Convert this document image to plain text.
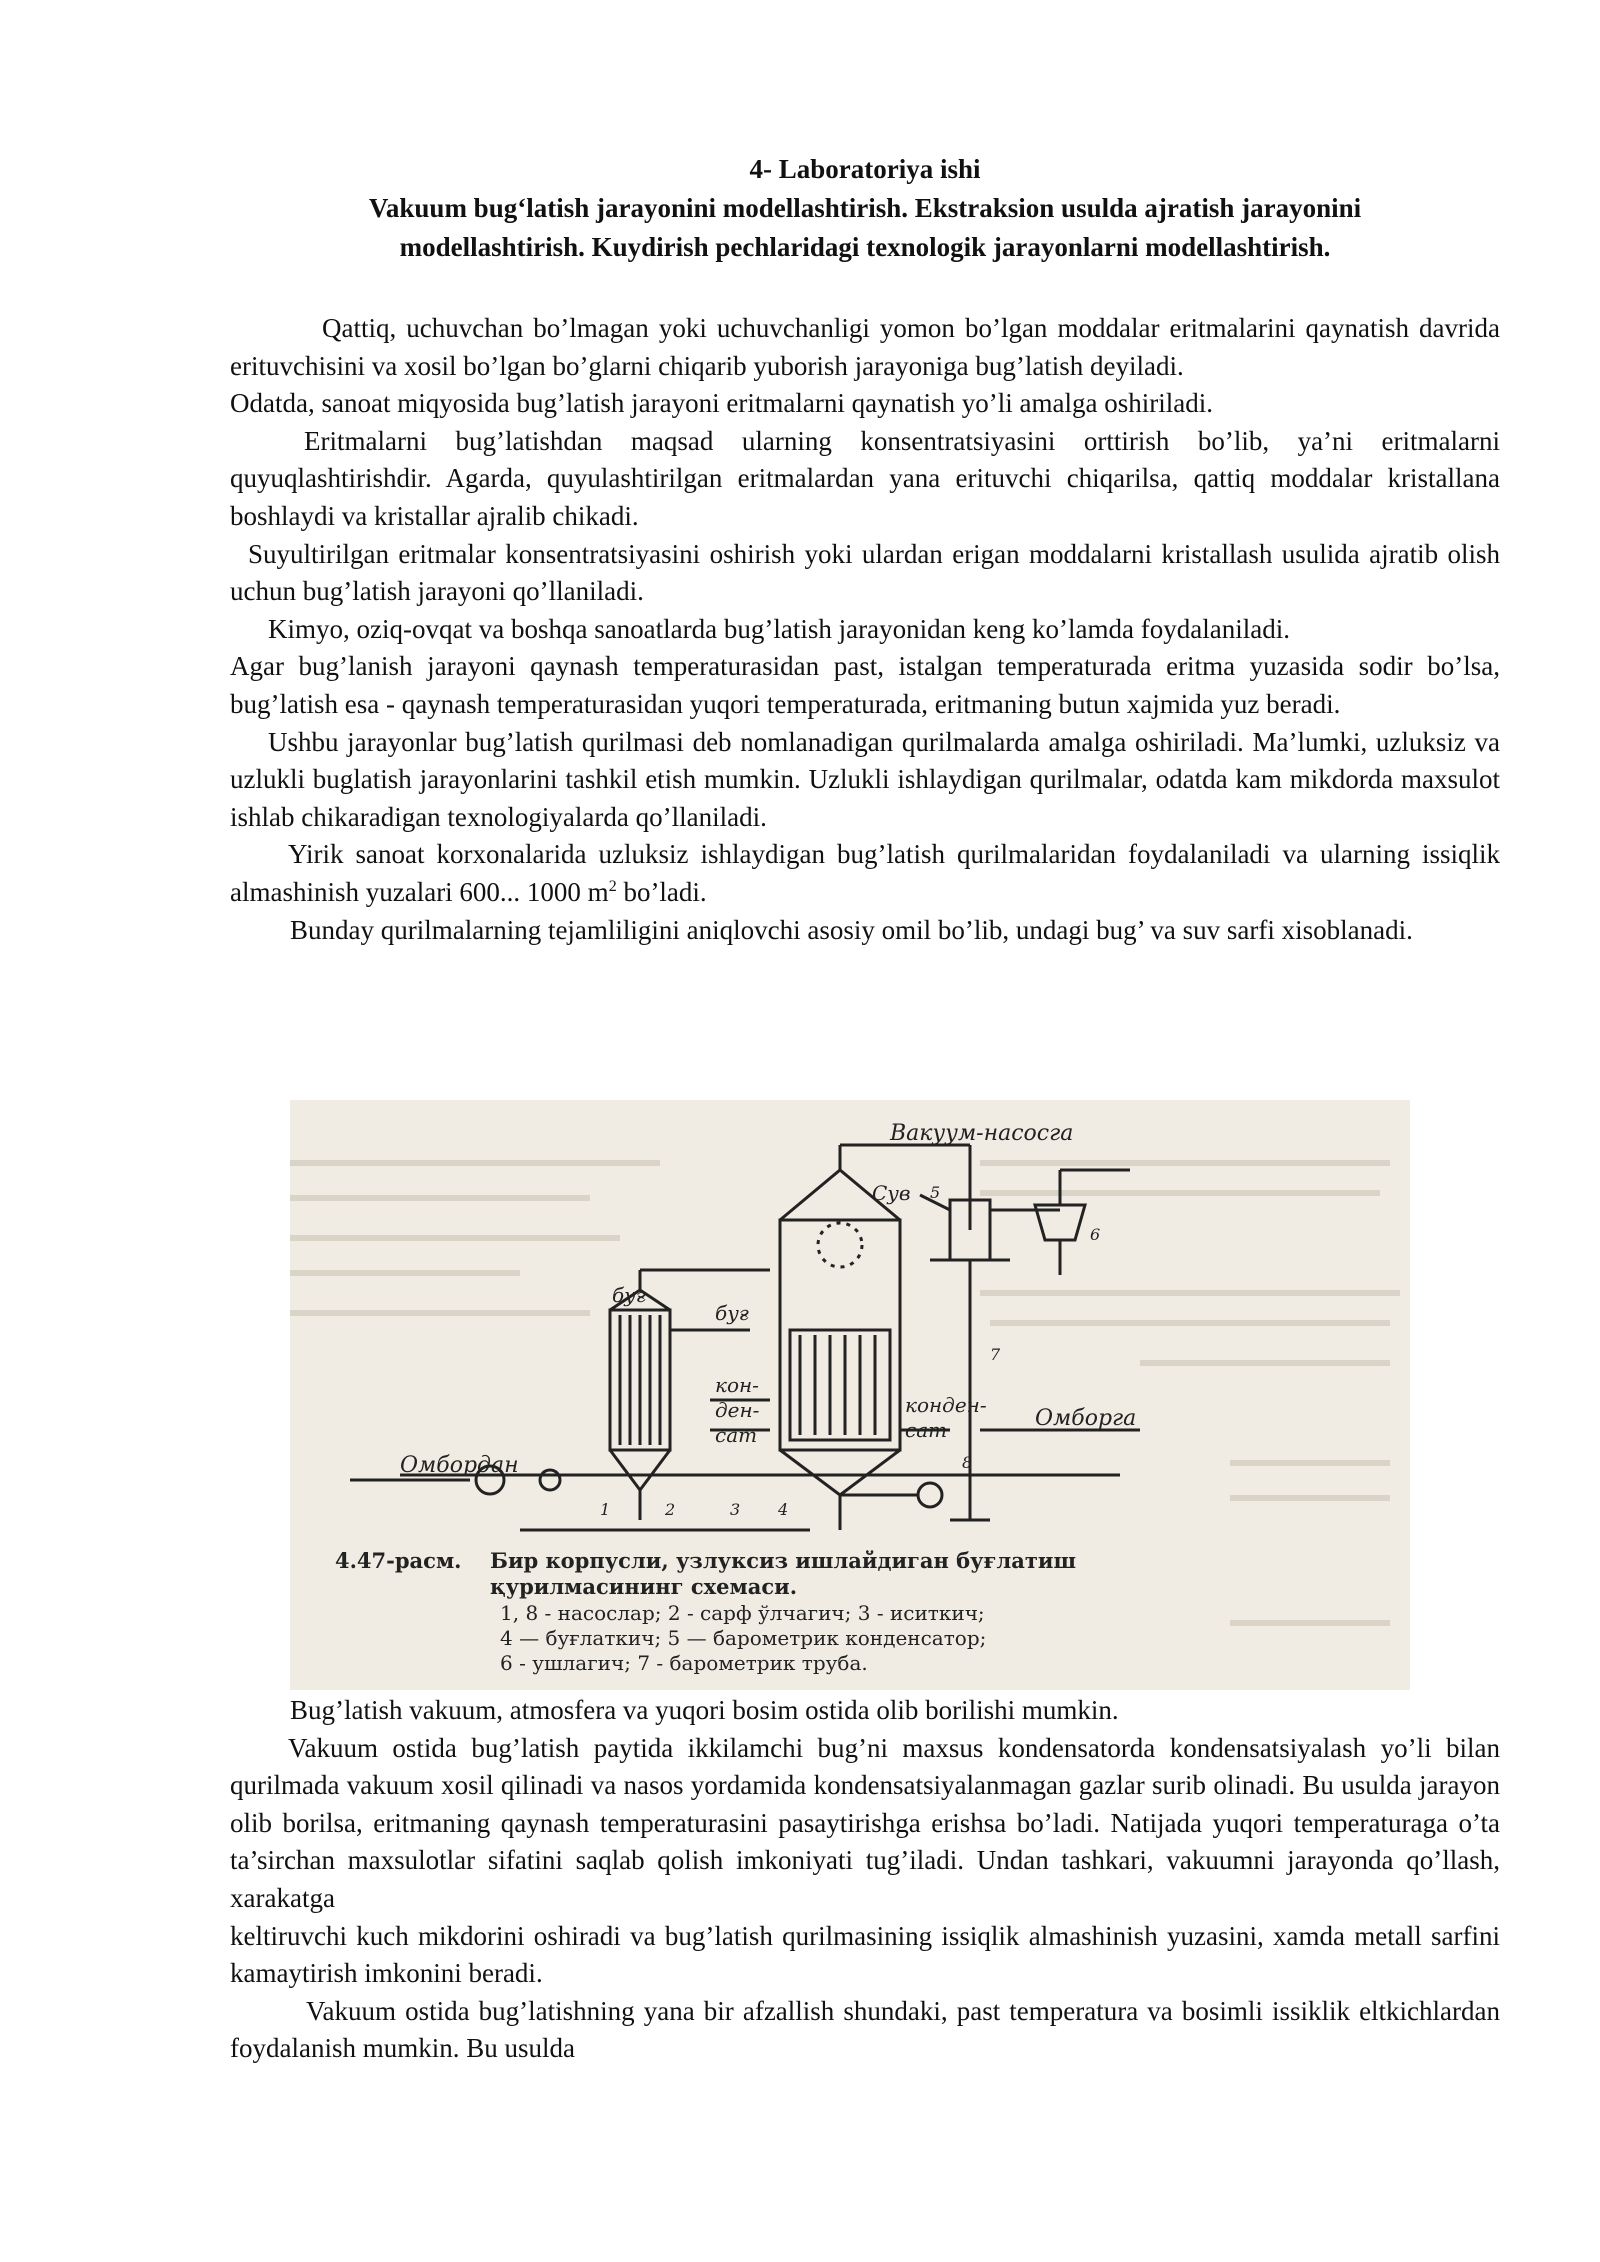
4- Laboratoriya ishi

Vakuum bug‘latish jarayonini modellashtirish. Ekstraksion usulda ajratish jarayonini

modellashtirish. Kuydirish pechlaridagi texnologik jarayonlarni modellashtirish.

Qattiq, uchuvchan bo’lmagan yoki uchuvchanligi yomon bo’lgan moddalar eritmalarini qaynatish davrida erituvchisini va xosil bo’lgan bo’glarni chiqarib yuborish jarayoniga bug’latish deyiladi.

Odatda, sanoat miqyosida bug’latish jarayoni eritmalarni qaynatish yo’li amalga oshiriladi.

Eritmalarni bug’latishdan maqsad ularning konsentratsiyasini orttirish bo’lib, ya’ni eritmalarni quyuqlashtirishdir. Agarda, quyulashtirilgan eritmalardan yana erituvchi chiqarilsa, qattiq moddalar kristallana boshlaydi va kristallar ajralib chikadi.

Suyultirilgan eritmalar konsentratsiyasini oshirish yoki ulardan erigan moddalarni kristallash usulida ajratib olish uchun bug’latish jarayoni qo’llaniladi.

Kimyo, oziq-ovqat va boshqa sanoatlarda bug’latish jarayonidan keng ko’lamda foydalaniladi.

Agar bug’lanish jarayoni qaynash temperaturasidan past, istalgan temperaturada eritma yuzasida sodir bo’lsa, bug’latish esa - qaynash temperaturasidan yuqori temperaturada, eritmaning butun xajmida yuz beradi.

Ushbu jarayonlar bug’latish qurilmasi deb nomlanadigan qurilmalarda amalga oshiriladi. Ma’lumki, uzluksiz va uzlukli buglatish jarayonlarini tashkil etish mumkin. Uzlukli ishlaydigan qurilmalar, odatda kam mikdorda maxsulot ishlab chikaradigan texnologiyalarda qo’llaniladi.

Yirik sanoat korxonalarida uzluksiz ishlaydigan bug’latish qurilmalaridan foydalaniladi va ularning issiqlik almashinish yuzalari 600... 1000 $m^2$ bo’ladi.

Bunday qurilmalarning tejamliligini aniqlovchi asosiy omil bo’lib, undagi bug’ va suv sarfi xisoblanadi.

Вакуум-насосга
Сув
буғ
буғ
кон-
ден-
сат
конден-
сат	Омборга
Омбордан
1	2	3 4
5
6
7
8
4.47-расм. Бир корпусли, узлуксиз ишлайдиган буғлатиш
қурилмасининг схемаси.
1, 8 - насослар; 2 - сарф ўлчагич; 3 - иситкич;
4 — буғлаткич; 5 — барометрик конденсатор;
6 - ушлагич; 7 - барометрик труба.

Bug’latish vakuum, atmosfera va yuqori bosim ostida olib borilishi mumkin.

Vakuum ostida bug’latish paytida ikkilamchi bug’ni maxsus kondensatorda kondensatsiyalash yo’li bilan qurilmada vakuum xosil qilinadi va nasos yordamida kondensatsiyalanmagan gazlar surib olinadi. Bu usulda jarayon olib borilsa, eritmaning qaynash temperaturasini pasaytirishga erishsa bo’ladi. Natijada yuqori temperaturaga o’ta ta’sirchan maxsulotlar sifatini saqlab qolish imkoniyati tug’iladi. Undan tashkari, vakuumni jarayonda qo’llash, xarakatga

keltiruvchi kuch mikdorini oshiradi va bug’latish qurilmasining issiqlik almashinish yuzasini, xamda metall sarfini kamaytirish imkonini beradi.

Vakuum ostida bug’latishning yana bir afzallish shundaki, past temperatura va bosimli issiklik eltkichlardan foydalanish mumkin. Bu usulda
